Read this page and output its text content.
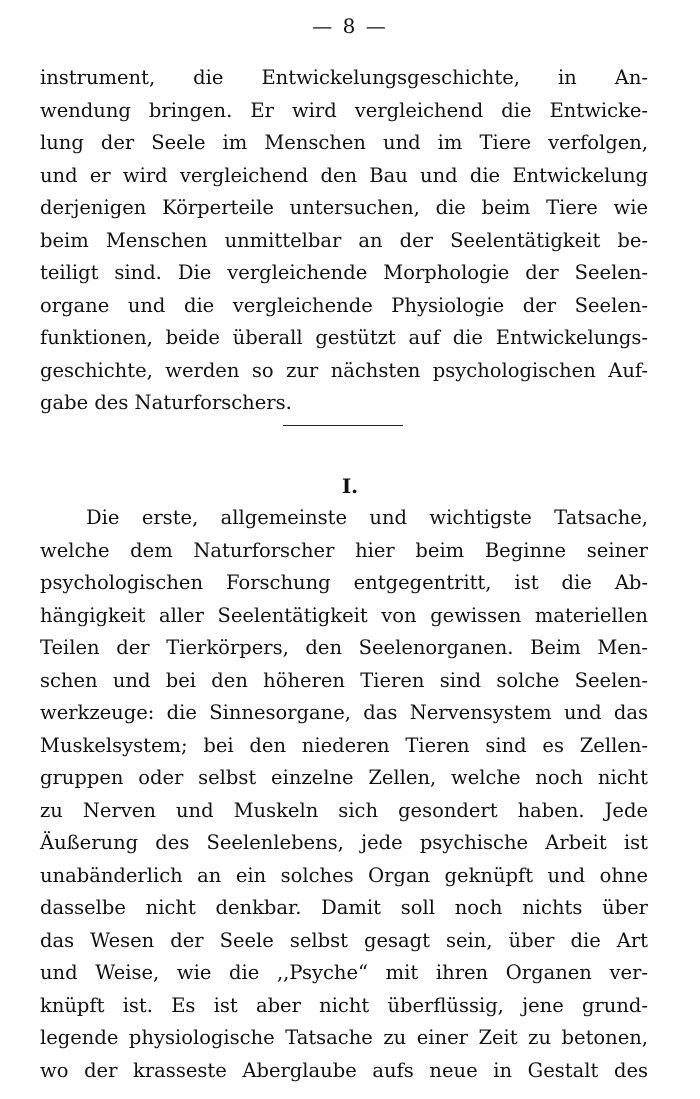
— 8 —
instrument, die Entwickelungsgeschichte, in An-
wendung bringen. Er wird vergleichend die Entwicke-
lung der Seele im Menschen und im Tiere verfolgen,
und er wird vergleichend den Bau und die Entwickelung
derjenigen Körperteile untersuchen, die beim Tiere wie
beim Menschen unmittelbar an der Seelentätigkeit be-
teiligt sind. Die vergleichende Morphologie der Seelen-
organe und die vergleichende Physiologie der Seelen-
funktionen, beide überall gestützt auf die Entwickelungs-
geschichte, werden so zur nächsten psychologischen Auf-
gabe des Naturforschers.
I.
Die erste, allgemeinste und wichtigste Tatsache,
welche dem Naturforscher hier beim Beginne seiner
psychologischen Forschung entgegentritt, ist die Ab-
hängigkeit aller Seelentätigkeit von gewissen materiellen
Teilen der Tierkörpers, den Seelenorganen. Beim Men-
schen und bei den höheren Tieren sind solche Seelen-
werkzeuge: die Sinnesorgane, das Nervensystem und das
Muskelsystem; bei den niederen Tieren sind es Zellen-
gruppen oder selbst einzelne Zellen, welche noch nicht
zu Nerven und Muskeln sich gesondert haben. Jede
Äußerung des Seelenlebens, jede psychische Arbeit ist
unabänderlich an ein solches Organ geknüpft und ohne
dasselbe nicht denkbar. Damit soll noch nichts über
das Wesen der Seele selbst gesagt sein, über die Art
und Weise, wie die ,,Psyche“ mit ihren Organen ver-
knüpft ist. Es ist aber nicht überflüssig, jene grund-
legende physiologische Tatsache zu einer Zeit zu betonen,
wo der krasseste Aberglaube aufs neue in Gestalt des
